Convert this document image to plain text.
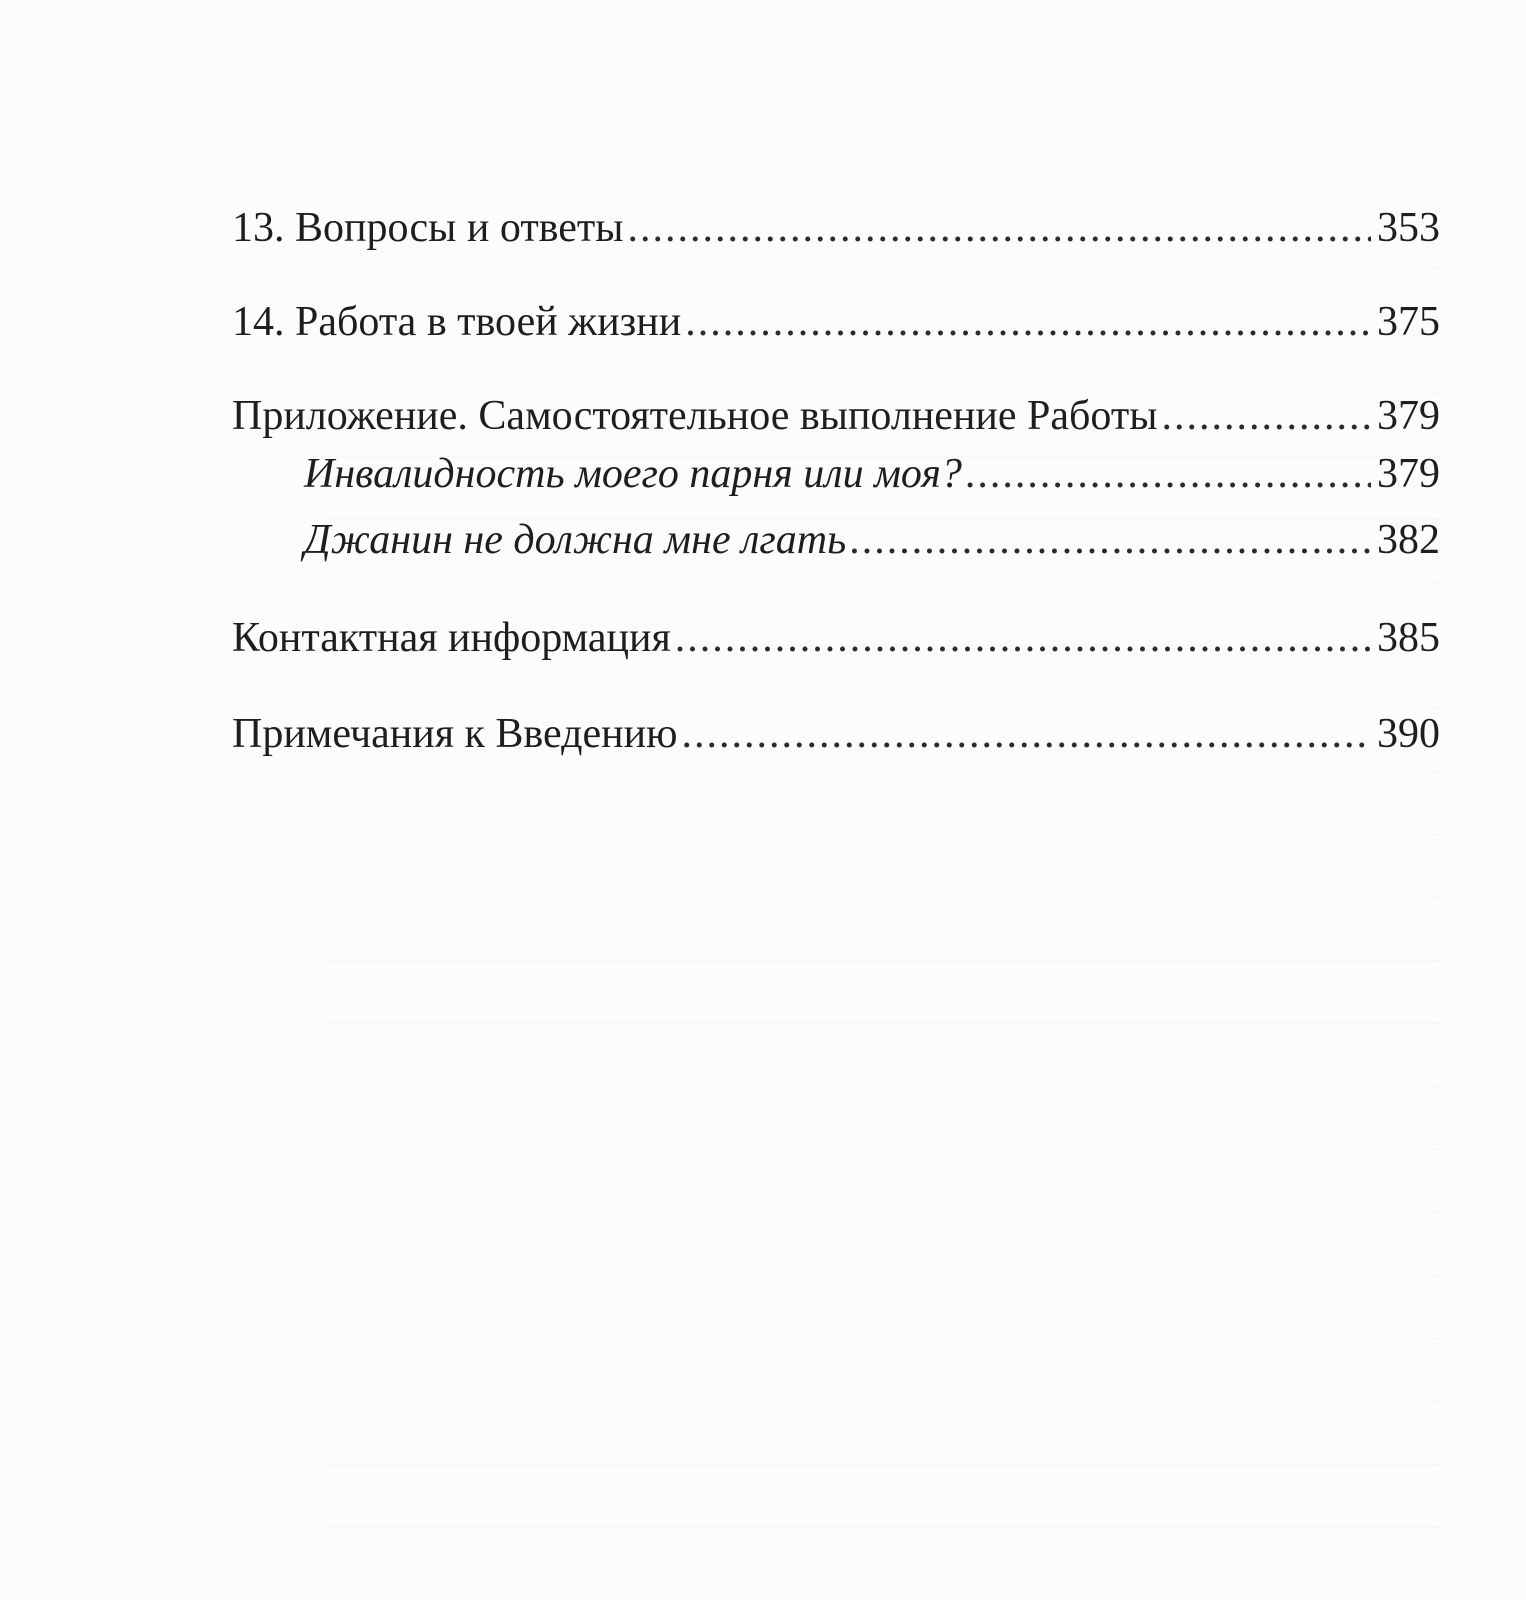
13. Вопросы и ответы .....	353
14. Работа в твоей жизни .....	375
Приложение. Самостоятельное выполнение Работы .....	379
Инвалидность моего парня или моя? .....	379
Джанин не должна мне лгать .....	382
Контактная информация .....	385
Примечания к Введению .....	390
